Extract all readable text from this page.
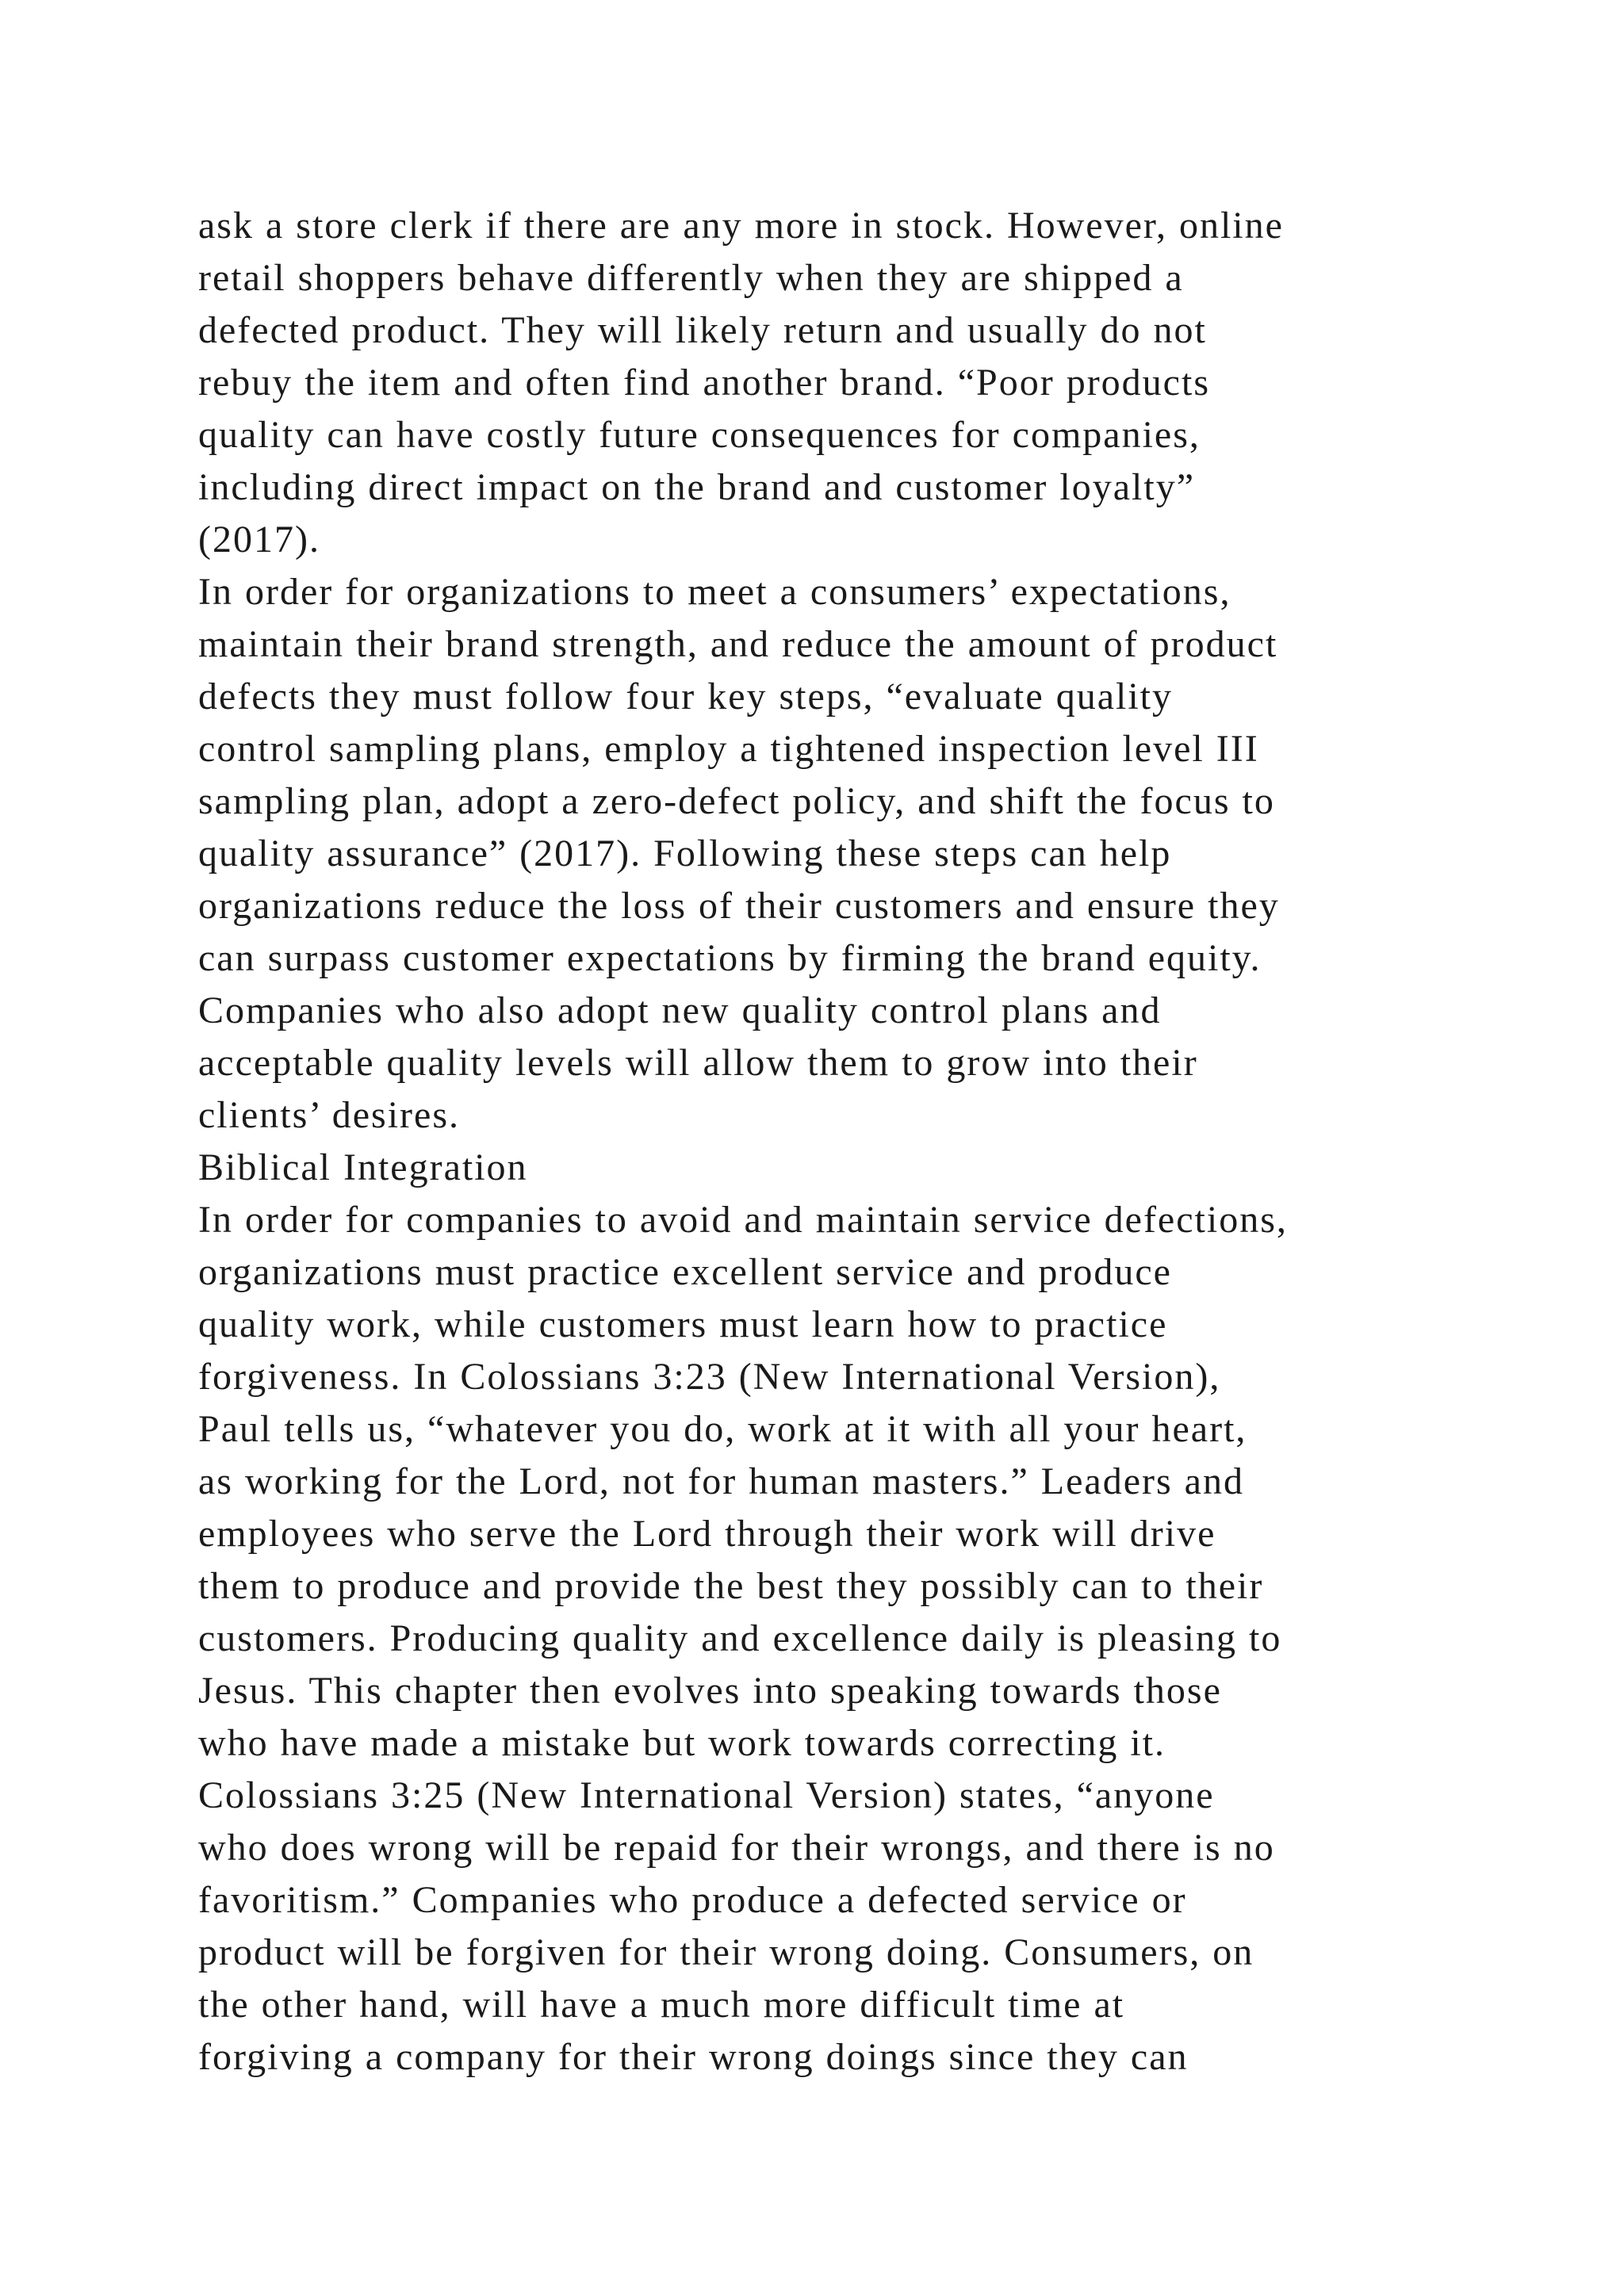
ask a store clerk if there are any more in stock. However, online
retail shoppers behave differently when they are shipped a
defected product. They will likely return and usually do not
rebuy the item and often find another brand. “Poor products
quality can have costly future consequences for companies,
including direct impact on the brand and customer loyalty”
(2017).
In order for organizations to meet a consumers’ expectations,
maintain their brand strength, and reduce the amount of product
defects they must follow four key steps, “evaluate quality
control sampling plans, employ a tightened inspection level III
sampling plan, adopt a zero-defect policy, and shift the focus to
quality assurance” (2017). Following these steps can help
organizations reduce the loss of their customers and ensure they
can surpass customer expectations by firming the brand equity.
Companies who also adopt new quality control plans and
acceptable quality levels will allow them to grow into their
clients’ desires.
Biblical Integration
In order for companies to avoid and maintain service defections,
organizations must practice excellent service and produce
quality work, while customers must learn how to practice
forgiveness. In Colossians 3:23 (New International Version),
Paul tells us, “whatever you do, work at it with all your heart,
as working for the Lord, not for human masters.” Leaders and
employees who serve the Lord through their work will drive
them to produce and provide the best they possibly can to their
customers. Producing quality and excellence daily is pleasing to
Jesus. This chapter then evolves into speaking towards those
who have made a mistake but work towards correcting it.
Colossians 3:25 (New International Version) states, “anyone
who does wrong will be repaid for their wrongs, and there is no
favoritism.” Companies who produce a defected service or
product will be forgiven for their wrong doing. Consumers, on
the other hand, will have a much more difficult time at
forgiving a company for their wrong doings since they can
